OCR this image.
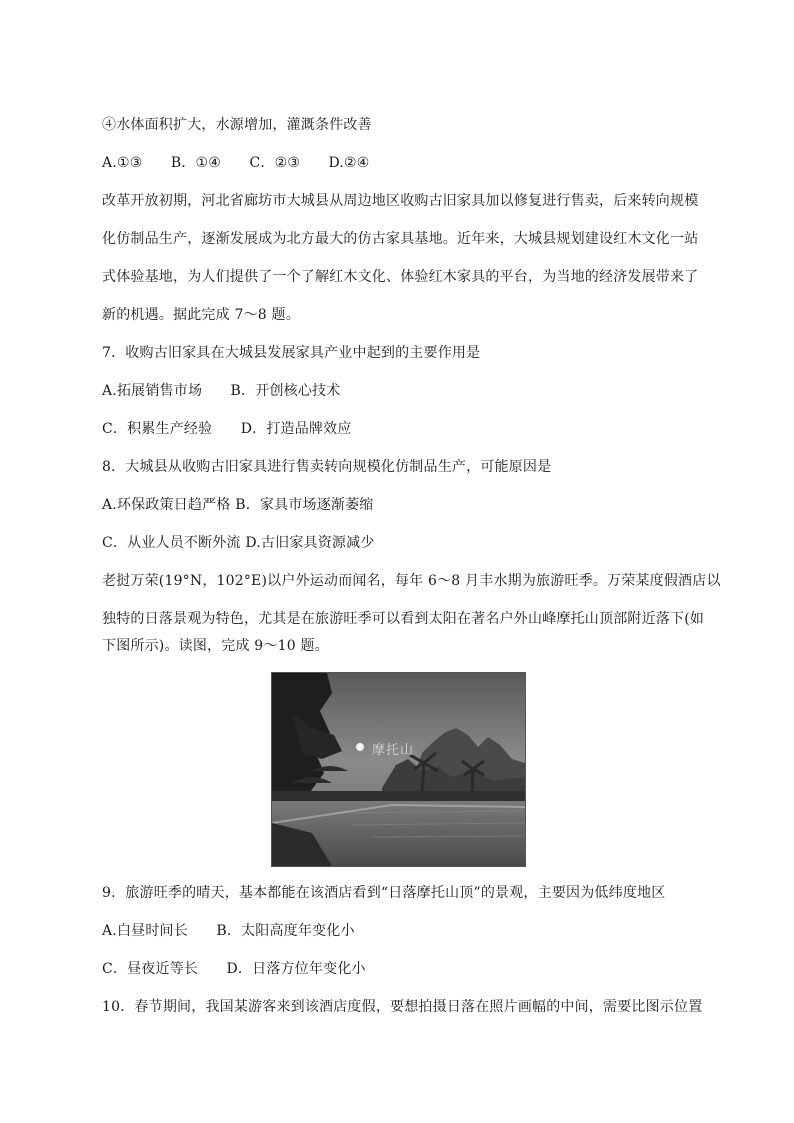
④水体面积扩大，水源增加，灌溉条件改善
A.①③　　B．①④　　C．②③　　D.②④
改革开放初期，河北省廊坊市大城县从周边地区收购古旧家具加以修复进行售卖，后来转向规模
化仿制品生产，逐渐发展成为北方最大的仿古家具基地。近年来，大城县规划建设红木文化一站
式体验基地，为人们提供了一个了解红木文化、体验红木家具的平台，为当地的经济发展带来了
新的机遇。据此完成 7～8 题。
7．收购古旧家具在大城县发展家具产业中起到的主要作用是
A.拓展销售市场　　B．开创核心技术
C．积累生产经验　　D．打造品牌效应
8．大城县从收购古旧家具进行售卖转向规模化仿制品生产，可能原因是
A.环保政策日趋严格 B．家具市场逐渐萎缩
C．从业人员不断外流 D.古旧家具资源减少
老挝万荣(19°N，102°E)以户外运动而闻名，每年 6～8 月丰水期为旅游旺季。万荣某度假酒店以
独特的日落景观为特色，尤其是在旅游旺季可以看到太阳在著名户外山峰摩托山顶部附近落下(如
下图所示)。读图，完成 9～10 题。
摩托山
9．旅游旺季的晴天，基本都能在该酒店看到“日落摩托山顶”的景观，主要因为低纬度地区
A.白昼时间长　　B．太阳高度年变化小
C．昼夜近等长　　D．日落方位年变化小
10．春节期间，我国某游客来到该酒店度假，要想拍摄日落在照片画幅的中间，需要比图示位置
